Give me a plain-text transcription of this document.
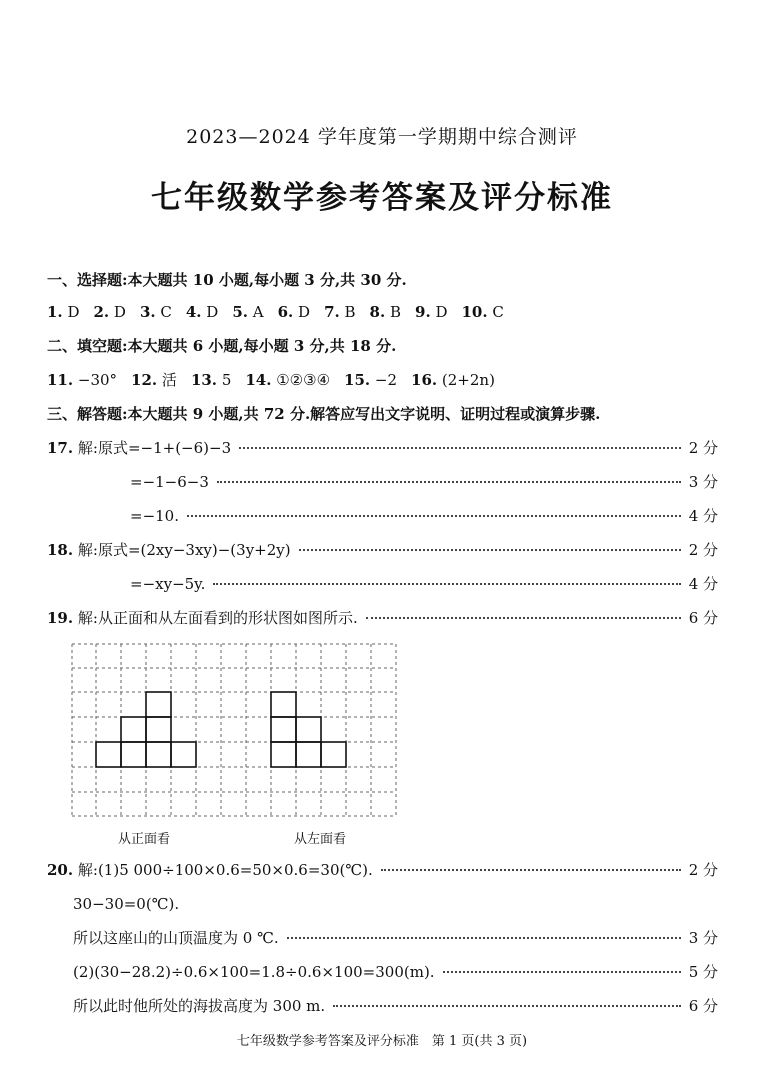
2023—2024 学年度第一学期期中综合测评
七年级数学参考答案及评分标准
一、选择题:本大题共 10 小题,每小题 3 分,共 30 分.
1. D 2. D 3. C 4. D 5. A 6. D 7. B 8. B 9. D 10. C
二、填空题:本大题共 6 小题,每小题 3 分,共 18 分.
11. −30° 12. 活 13. 5 14. ①②③④ 15. −2 16. (2+2n)
三、解答题:本大题共 9 小题,共 72 分.解答应写出文字说明、证明过程或演算步骤.
17. 解:原式=−1+(−6)−3	2 分
=−1−6−3	3 分
=−10.	4 分
18. 解:原式=(2xy−3xy)−(3y+2y)	2 分
=−xy−5y.	4 分
19. 解:从正面和从左面看到的形状图如图所示.	6 分
从正面看	从左面看
20. 解:(1)5 000÷100×0.6=50×0.6=30(℃).	2 分
30−30=0(℃).
所以这座山的山顶温度为 0 ℃.	3 分
(2)(30−28.2)÷0.6×100=1.8÷0.6×100=300(m).	5 分
所以此时他所处的海拔高度为 300 m.	6 分
七年级数学参考答案及评分标准　第 1 页(共 3 页)
